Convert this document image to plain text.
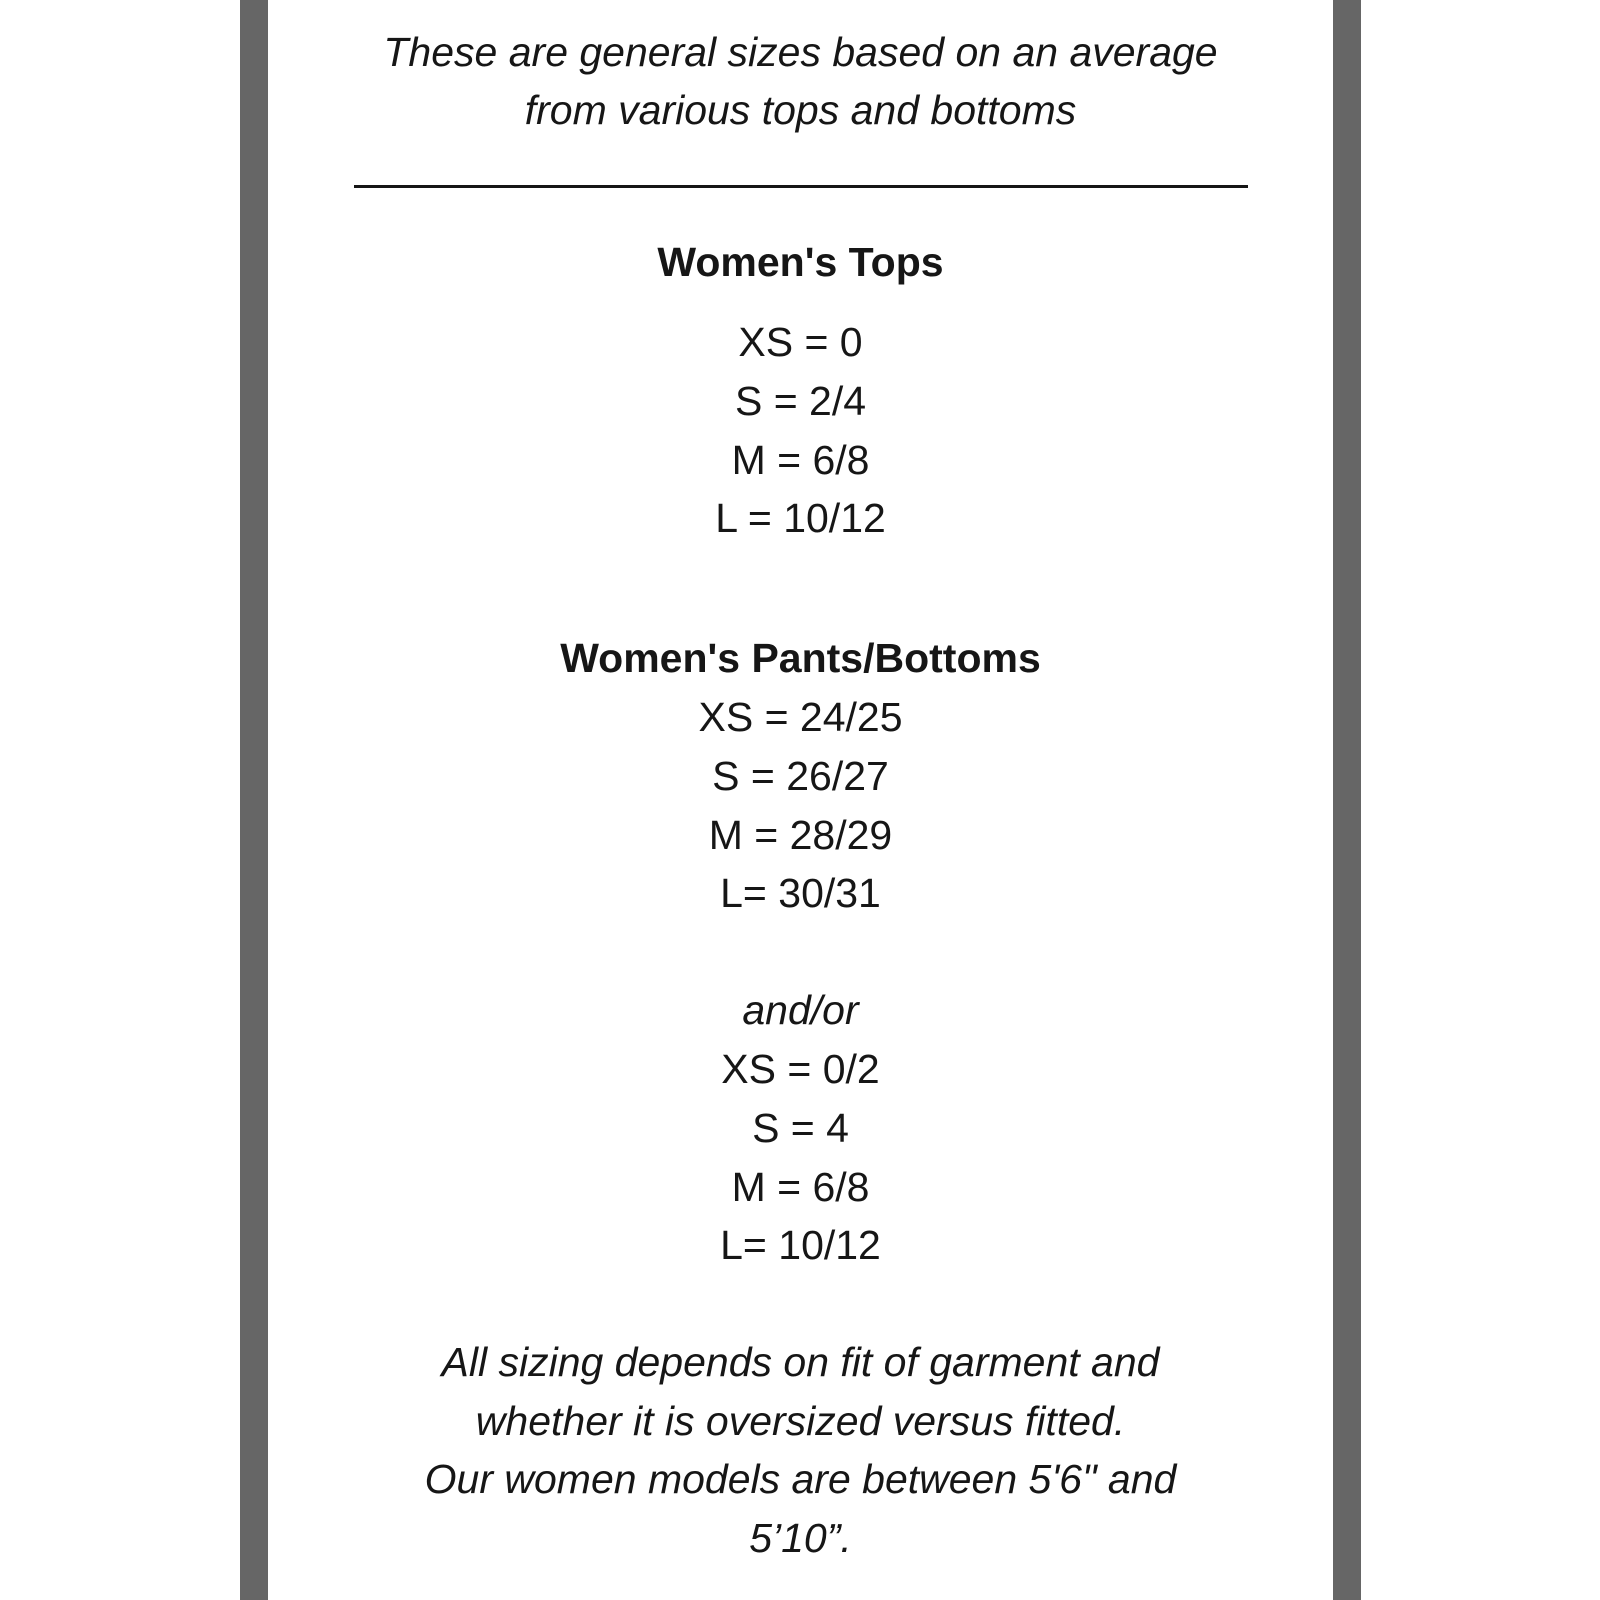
These are general sizes based on an average
from various tops and bottoms
Women's Tops
XS = 0
S = 2/4
M = 6/8
L = 10/12
Women's Pants/Bottoms
XS = 24/25
S = 26/27
M = 28/29
L= 30/31
and/or
XS = 0/2
S = 4
M = 6/8
L= 10/12
All sizing depends on fit of garment and
whether it is oversized versus fitted.
Our women models are between 5'6" and
5’10”.
